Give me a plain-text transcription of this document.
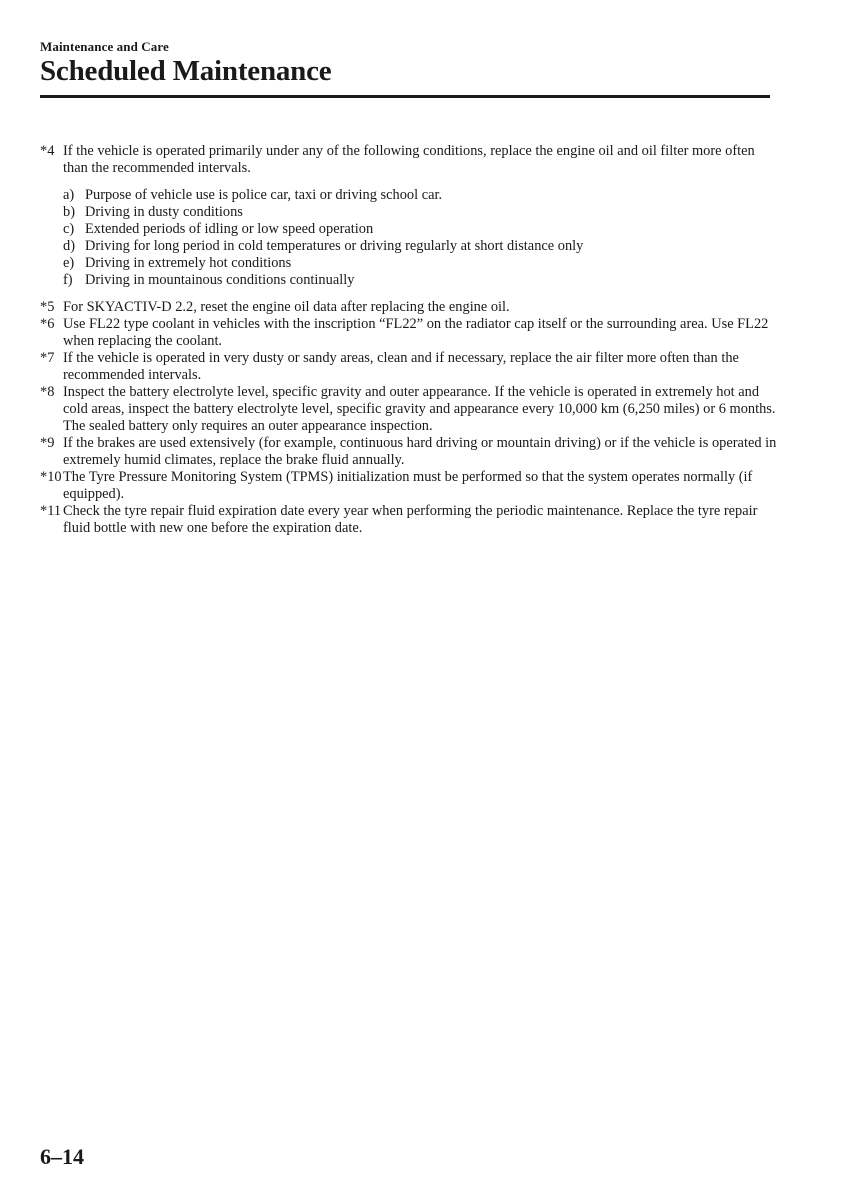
Maintenance and Care
Scheduled Maintenance
*4 If the vehicle is operated primarily under any of the following conditions, replace the engine oil and oil filter more often than the recommended intervals.
a) Purpose of vehicle use is police car, taxi or driving school car.
b) Driving in dusty conditions
c) Extended periods of idling or low speed operation
d) Driving for long period in cold temperatures or driving regularly at short distance only
e) Driving in extremely hot conditions
f) Driving in mountainous conditions continually
*5 For SKYACTIV-D 2.2, reset the engine oil data after replacing the engine oil.
*6 Use FL22 type coolant in vehicles with the inscription “FL22” on the radiator cap itself or the surrounding area. Use FL22 when replacing the coolant.
*7 If the vehicle is operated in very dusty or sandy areas, clean and if necessary, replace the air filter more often than the recommended intervals.
*8 Inspect the battery electrolyte level, specific gravity and outer appearance. If the vehicle is operated in extremely hot and cold areas, inspect the battery electrolyte level, specific gravity and appearance every 10,000 km (6,250 miles) or 6 months. The sealed battery only requires an outer appearance inspection.
*9 If the brakes are used extensively (for example, continuous hard driving or mountain driving) or if the vehicle is operated in extremely humid climates, replace the brake fluid annually.
*10 The Tyre Pressure Monitoring System (TPMS) initialization must be performed so that the system operates normally (if equipped).
*11 Check the tyre repair fluid expiration date every year when performing the periodic maintenance. Replace the tyre repair fluid bottle with new one before the expiration date.
6–14
